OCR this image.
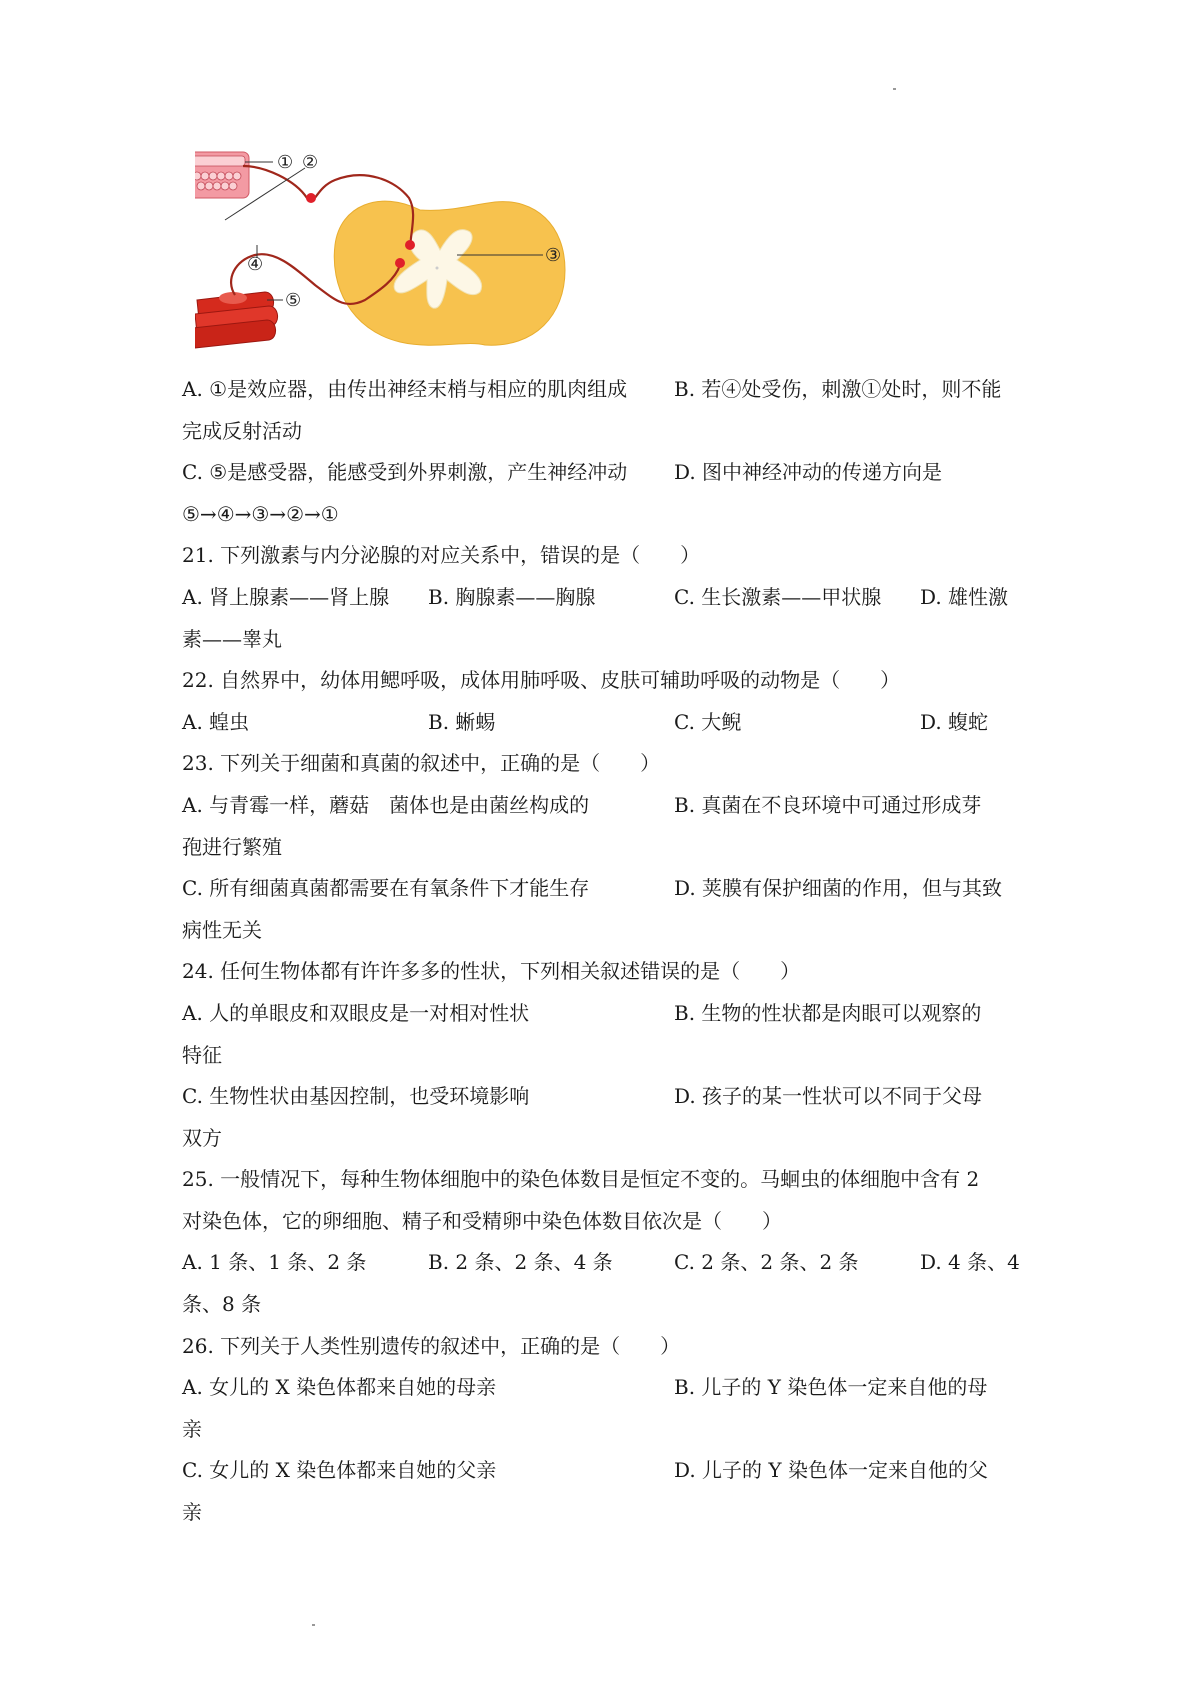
① ②
③
④
⑤
A. ①是效应器，由传出神经末梢与相应的肌肉组成	B. 若④处受伤，刺激①处时，则不能
完成反射活动
C. ⑤是感受器，能感受到外界刺激，产生神经冲动	D. 图中神经冲动的传递方向是
⑤→④→③→②→①
21. 下列激素与内分泌腺的对应关系中，错误的是（　　）
A. 肾上腺素——肾上腺	B. 胸腺素——胸腺	C. 生长激素——甲状腺	D. 雄性激
素——睾丸
22. 自然界中，幼体用鳃呼吸，成体用肺呼吸、皮肤可辅助呼吸的动物是（　　）
A. 蝗虫	B. 蜥蜴	C. 大鲵	D. 蝮蛇
23. 下列关于细菌和真菌的叙述中，正确的是（　　）
A. 与青霉一样，蘑菇　菌体也是由菌丝构成的	B. 真菌在不良环境中可通过形成芽
孢进行繁殖
C. 所有细菌真菌都需要在有氧条件下才能生存	D. 荚膜有保护细菌的作用，但与其致
病性无关
24. 任何生物体都有许许多多的性状，下列相关叙述错误的是（　　）
A. 人的单眼皮和双眼皮是一对相对性状	B. 生物的性状都是肉眼可以观察的
特征
C. 生物性状由基因控制，也受环境影响	D. 孩子的某一性状可以不同于父母
双方
25. 一般情况下，每种生物体细胞中的染色体数目是恒定不变的。马蛔虫的体细胞中含有 2
对染色体，它的卵细胞、精子和受精卵中染色体数目依次是（　　）
A. 1 条、1 条、2 条	B. 2 条、2 条、4 条	C. 2 条、2 条、2 条	D. 4 条、4
条、8 条
26. 下列关于人类性别遗传的叙述中，正确的是（　　）
A. 女儿的 X 染色体都来自她的母亲	B. 儿子的 Y 染色体一定来自他的母
亲
C. 女儿的 X 染色体都来自她的父亲	D. 儿子的 Y 染色体一定来自他的父
亲
